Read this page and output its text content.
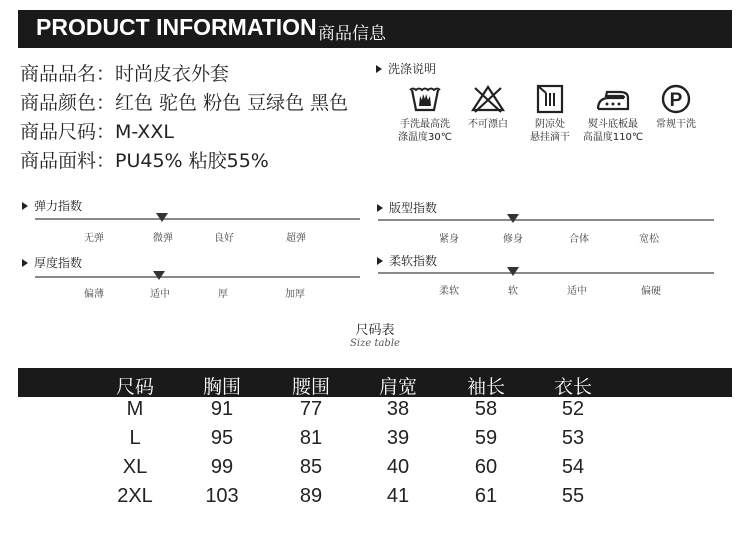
PRODUCT INFORMATION 商品信息
商品品名：时尚皮衣外套
商品颜色：红色 驼色 粉色 豆绿色 黑色
商品尺码：M-XXL
商品面料：PU45% 粘胶55%
洗涤说明
手洗最高洗
涤温度30℃
不可漂白	阴凉处
悬挂滴干
熨斗底板最
高温度110℃
P
常规干洗
弹力指数
无弹	微弹	良好	超弹
版型指数
紧身	修身	合体	宽松
厚度指数
偏薄	适中	厚	加厚
柔软指数
柔软	软	适中	偏硬
尺码表
Size table
尺码	胸围	腰围	肩宽	袖长	衣长
M	91	77	38	58	52
L	95	81	39	59	53
XL	99	85	40	60	54
2XL	103	89	41	61	55
